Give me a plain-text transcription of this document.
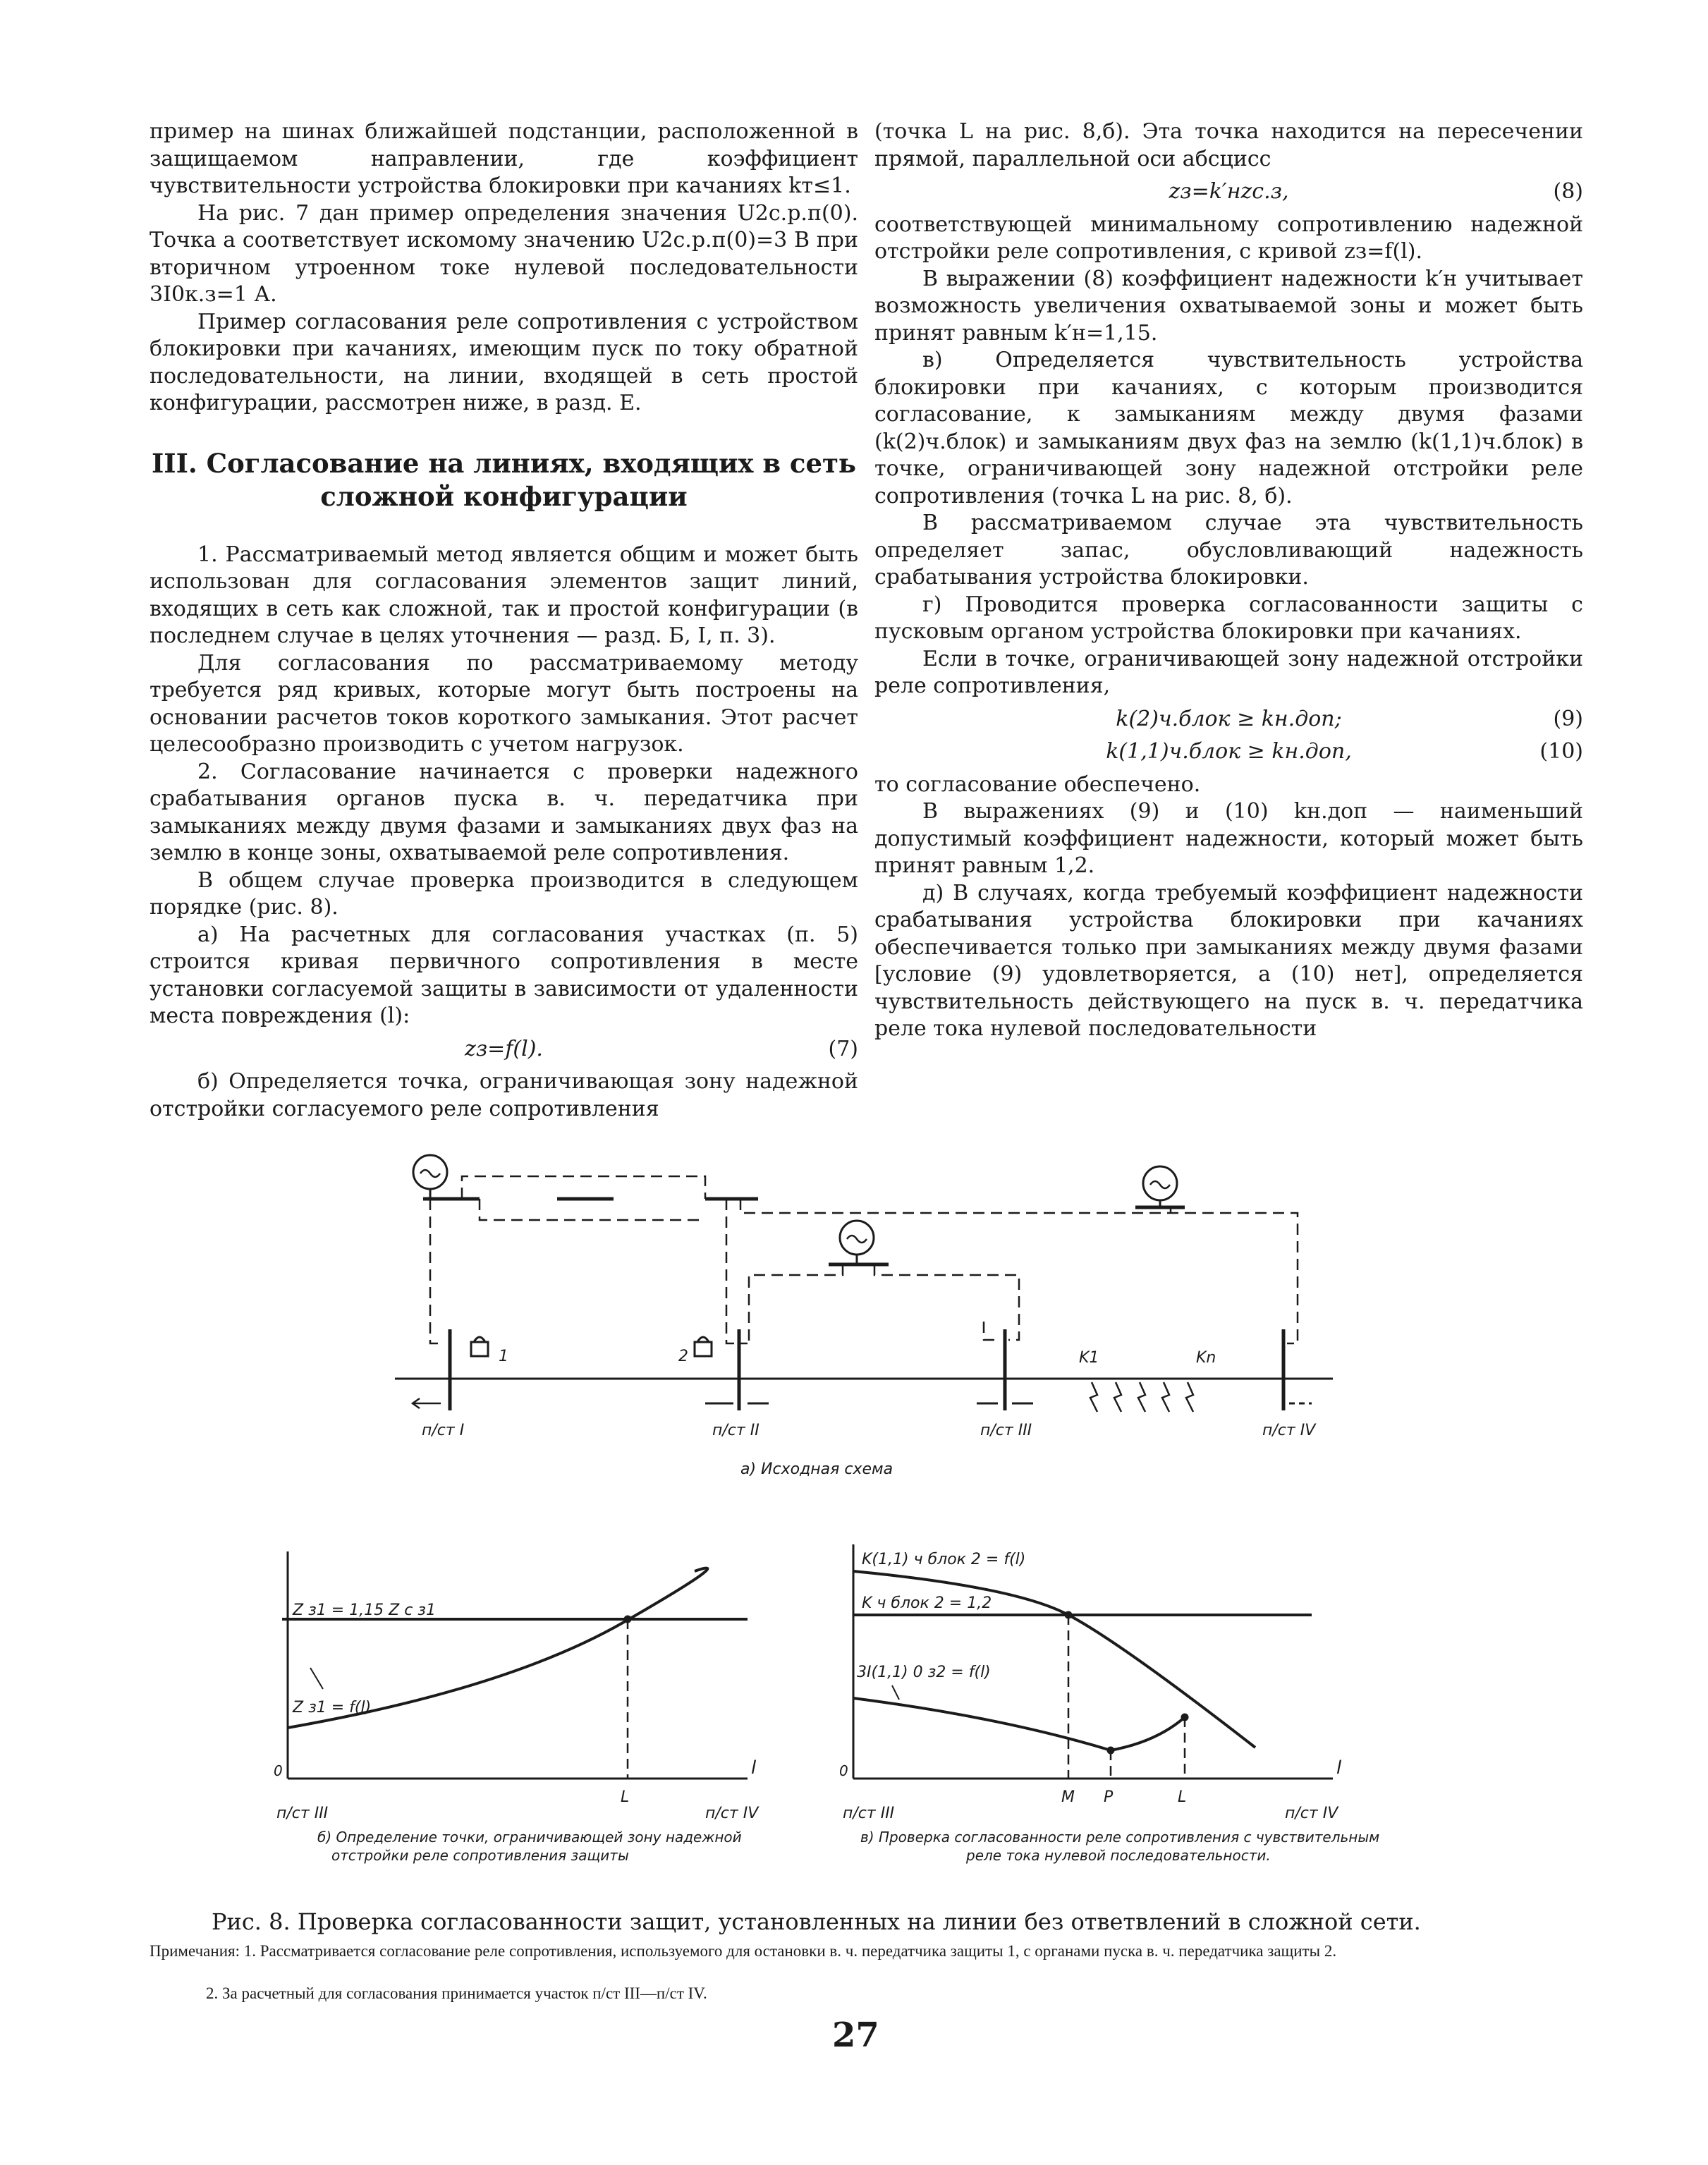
пример на шинах ближайшей подстанции, расположенной в защищаемом направлении, где коэффициент чувствительности устройства блокировки при качаниях kт≤1.

На рис. 7 дан пример определения значения U2с.р.п(0). Точка а соответствует искомому значению U2с.р.п(0)=3 В при вторичном утроенном токе нулевой последовательности 3I0к.з=1 А.

Пример согласования реле сопротивления с устройством блокировки при качаниях, имеющим пуск по току обратной последовательности, на линии, входящей в сеть простой конфигурации, рассмотрен ниже, в разд. Е.

III. Согласование на линиях, входящих в сеть сложной конфигурации

1. Рассматриваемый метод является общим и может быть использован для согласования элементов защит линий, входящих в сеть как сложной, так и простой конфигурации (в последнем случае в целях уточнения — разд. Б, I, п. 3).

Для согласования по рассматриваемому методу требуется ряд кривых, которые могут быть построены на основании расчетов токов короткого замыкания. Этот расчет целесообразно производить с учетом нагрузок.

2. Согласование начинается с проверки надежного срабатывания органов пуска в. ч. передатчика при замыканиях между двумя фазами и замыканиях двух фаз на землю в конце зоны, охватываемой реле сопротивления.

В общем случае проверка производится в следующем порядке (рис. 8).

а) На расчетных для согласования участках (п. 5) строится кривая первичного сопротивления в месте установки согласуемой защиты в зависимости от удаленности места повреждения (l):

zз=f(l).	(7)

б) Определяется точка, ограничивающая зону надежной отстройки согласуемого реле сопротивления

(точка L на рис. 8,б). Эта точка находится на пересечении прямой, параллельной оси абсцисс

zз=k′нzс.з,	(8)

соответствующей минимальному сопротивлению надежной отстройки реле сопротивления, с кривой zз=f(l).

В выражении (8) коэффициент надежности k′н учитывает возможность увеличения охватываемой зоны и может быть принят равным k′н=1,15.

в) Определяется чувствительность устройства блокировки при качаниях, с которым производится согласование, к замыканиям между двумя фазами (k(2)ч.блок) и замыканиям двух фаз на землю (k(1,1)ч.блок) в точке, ограничивающей зону надежной отстройки реле сопротивления (точка L на рис. 8, б).

В рассматриваемом случае эта чувствительность определяет запас, обусловливающий надежность срабатывания устройства блокировки.

г) Проводится проверка согласованности защиты с пусковым органом устройства блокировки при качаниях.

Если в точке, ограничивающей зону надежной отстройки реле сопротивления,

k(2)ч.блок ≥ kн.доп;	(9)

k(1,1)ч.блок ≥ kн.доп,	(10)

то согласование обеспечено.

В выражениях (9) и (10) kн.доп — наименьший допустимый коэффициент надежности, который может быть принят равным 1,2.

д) В случаях, когда требуемый коэффициент надежности срабатывания устройства блокировки при качаниях обеспечивается только при замыканиях между двумя фазами [условие (9) удовлетворяется, а (10) нет], определяется чувствительность действующего на пуск в. ч. передатчика реле тока нулевой последовательности

1	2	K1	Kn
п/ст I	п/ст II	п/ст III	п/ст IV
а) Исходная схема
Z з1 = 1,15 Z с з1
Z з1 = f(l)
0	l
L
п/ст III	п/ст IV
б) Определение точки, ограничивающей зону надежной
отстройки реле сопротивления защиты
K(1,1) ч блок 2 = f(l)
K ч блок 2 = 1,2
3I(1,1) 0 з2 = f(l)
0	l
M P	L
п/ст III	п/ст IV
в) Проверка согласованности реле сопротивления с чувствительным
реле тока нулевой последовательности.
Рис. 8. Проверка согласованности защит, установленных на линии без ответвлений в сложной сети.
Примечания: 1. Рассматривается согласование реле сопротивления, используемого для остановки в. ч. передатчика защиты 1, с органами пуска в. ч. передатчика защиты 2.
2. За расчетный для согласования принимается участок п/ст III—п/ст IV.
27
